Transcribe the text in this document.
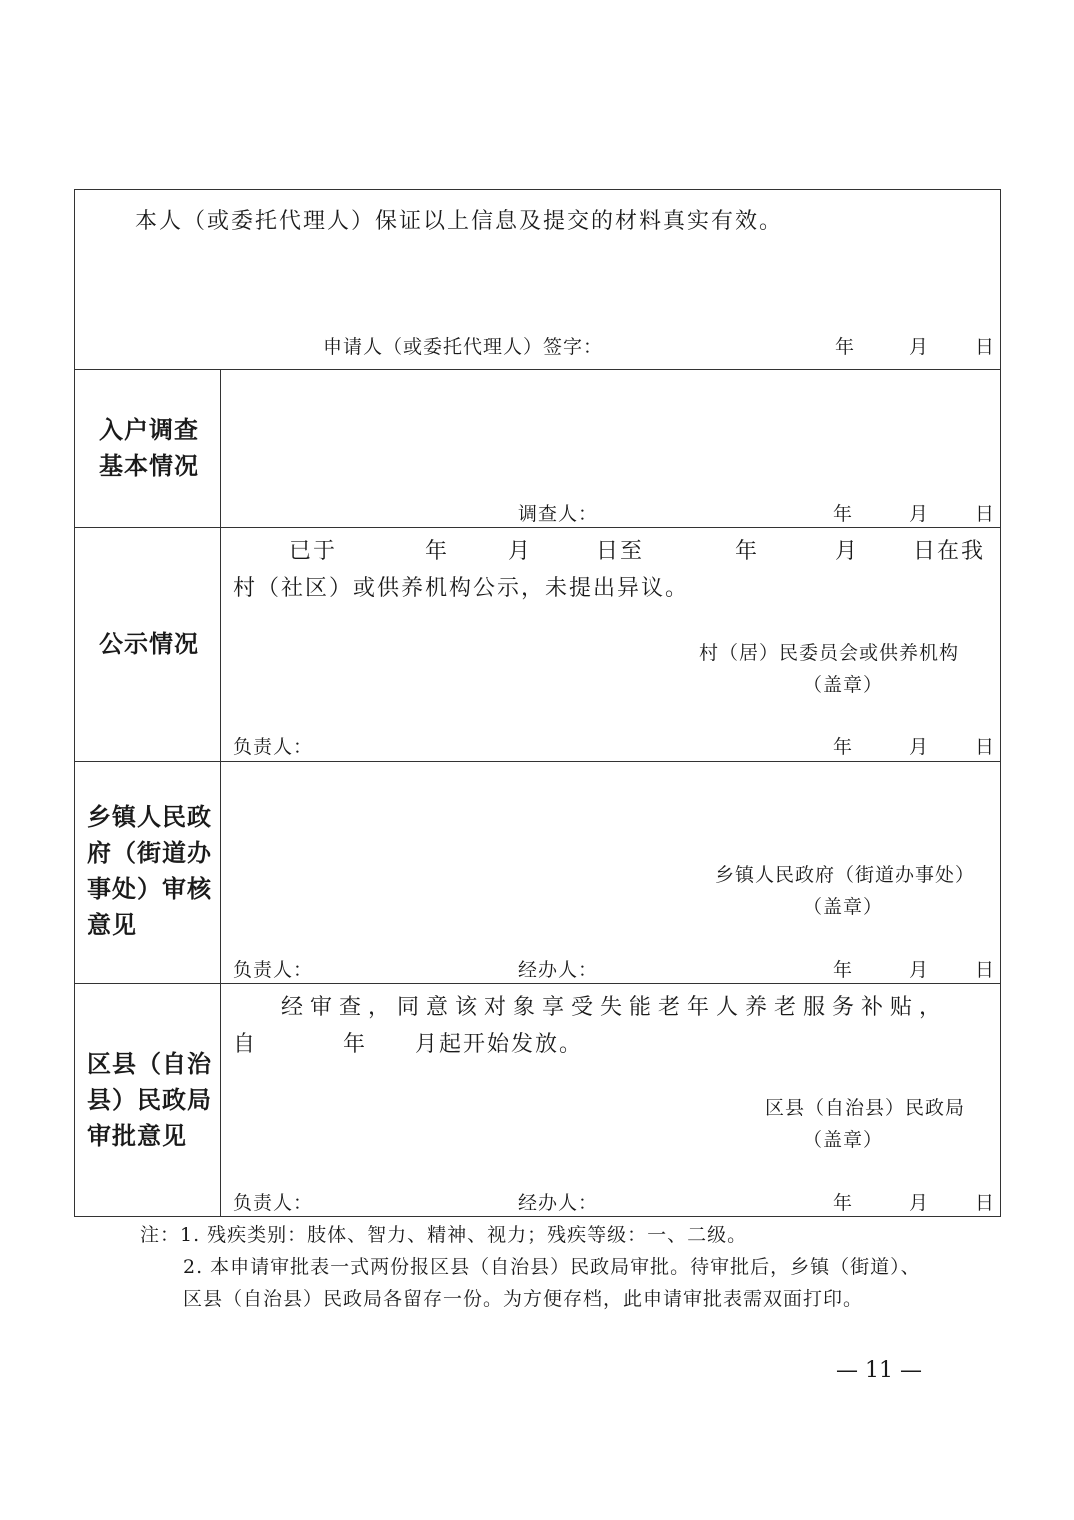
本人（或委托代理人）保证以上信息及提交的材料真实有效。
申请人（或委托代理人）签字：	年	月 日
入户调查
基本情况
调查人：	年	月 日
公示情况
已于	年	月	日至	年	月 日在我
村（社区）或供养机构公示，未提出异议。
村（居）民委员会或供养机构
（盖章）
负责人：	年	月 日
乡镇人民政
府（街道办
事处）审核
意见
乡镇人民政府（街道办事处）
（盖章）
负责人：	经办人：	年	月 日
区县（自治
县）民政局
审批意见
经审查，同意该对象享受失能老年人养老服务补贴，
自	年 月起开始发放。
区县（自治县）民政局
（盖章）
负责人：	经办人：	年	月 日
注：1. 残疾类别：肢体、智力、精神、视力；残疾等级：一、二级。
2. 本申请审批表一式两份报区县（自治县）民政局审批。待审批后，乡镇（街道）、
区县（自治县）民政局各留存一份。为方便存档，此申请审批表需双面打印。
— 11 —
